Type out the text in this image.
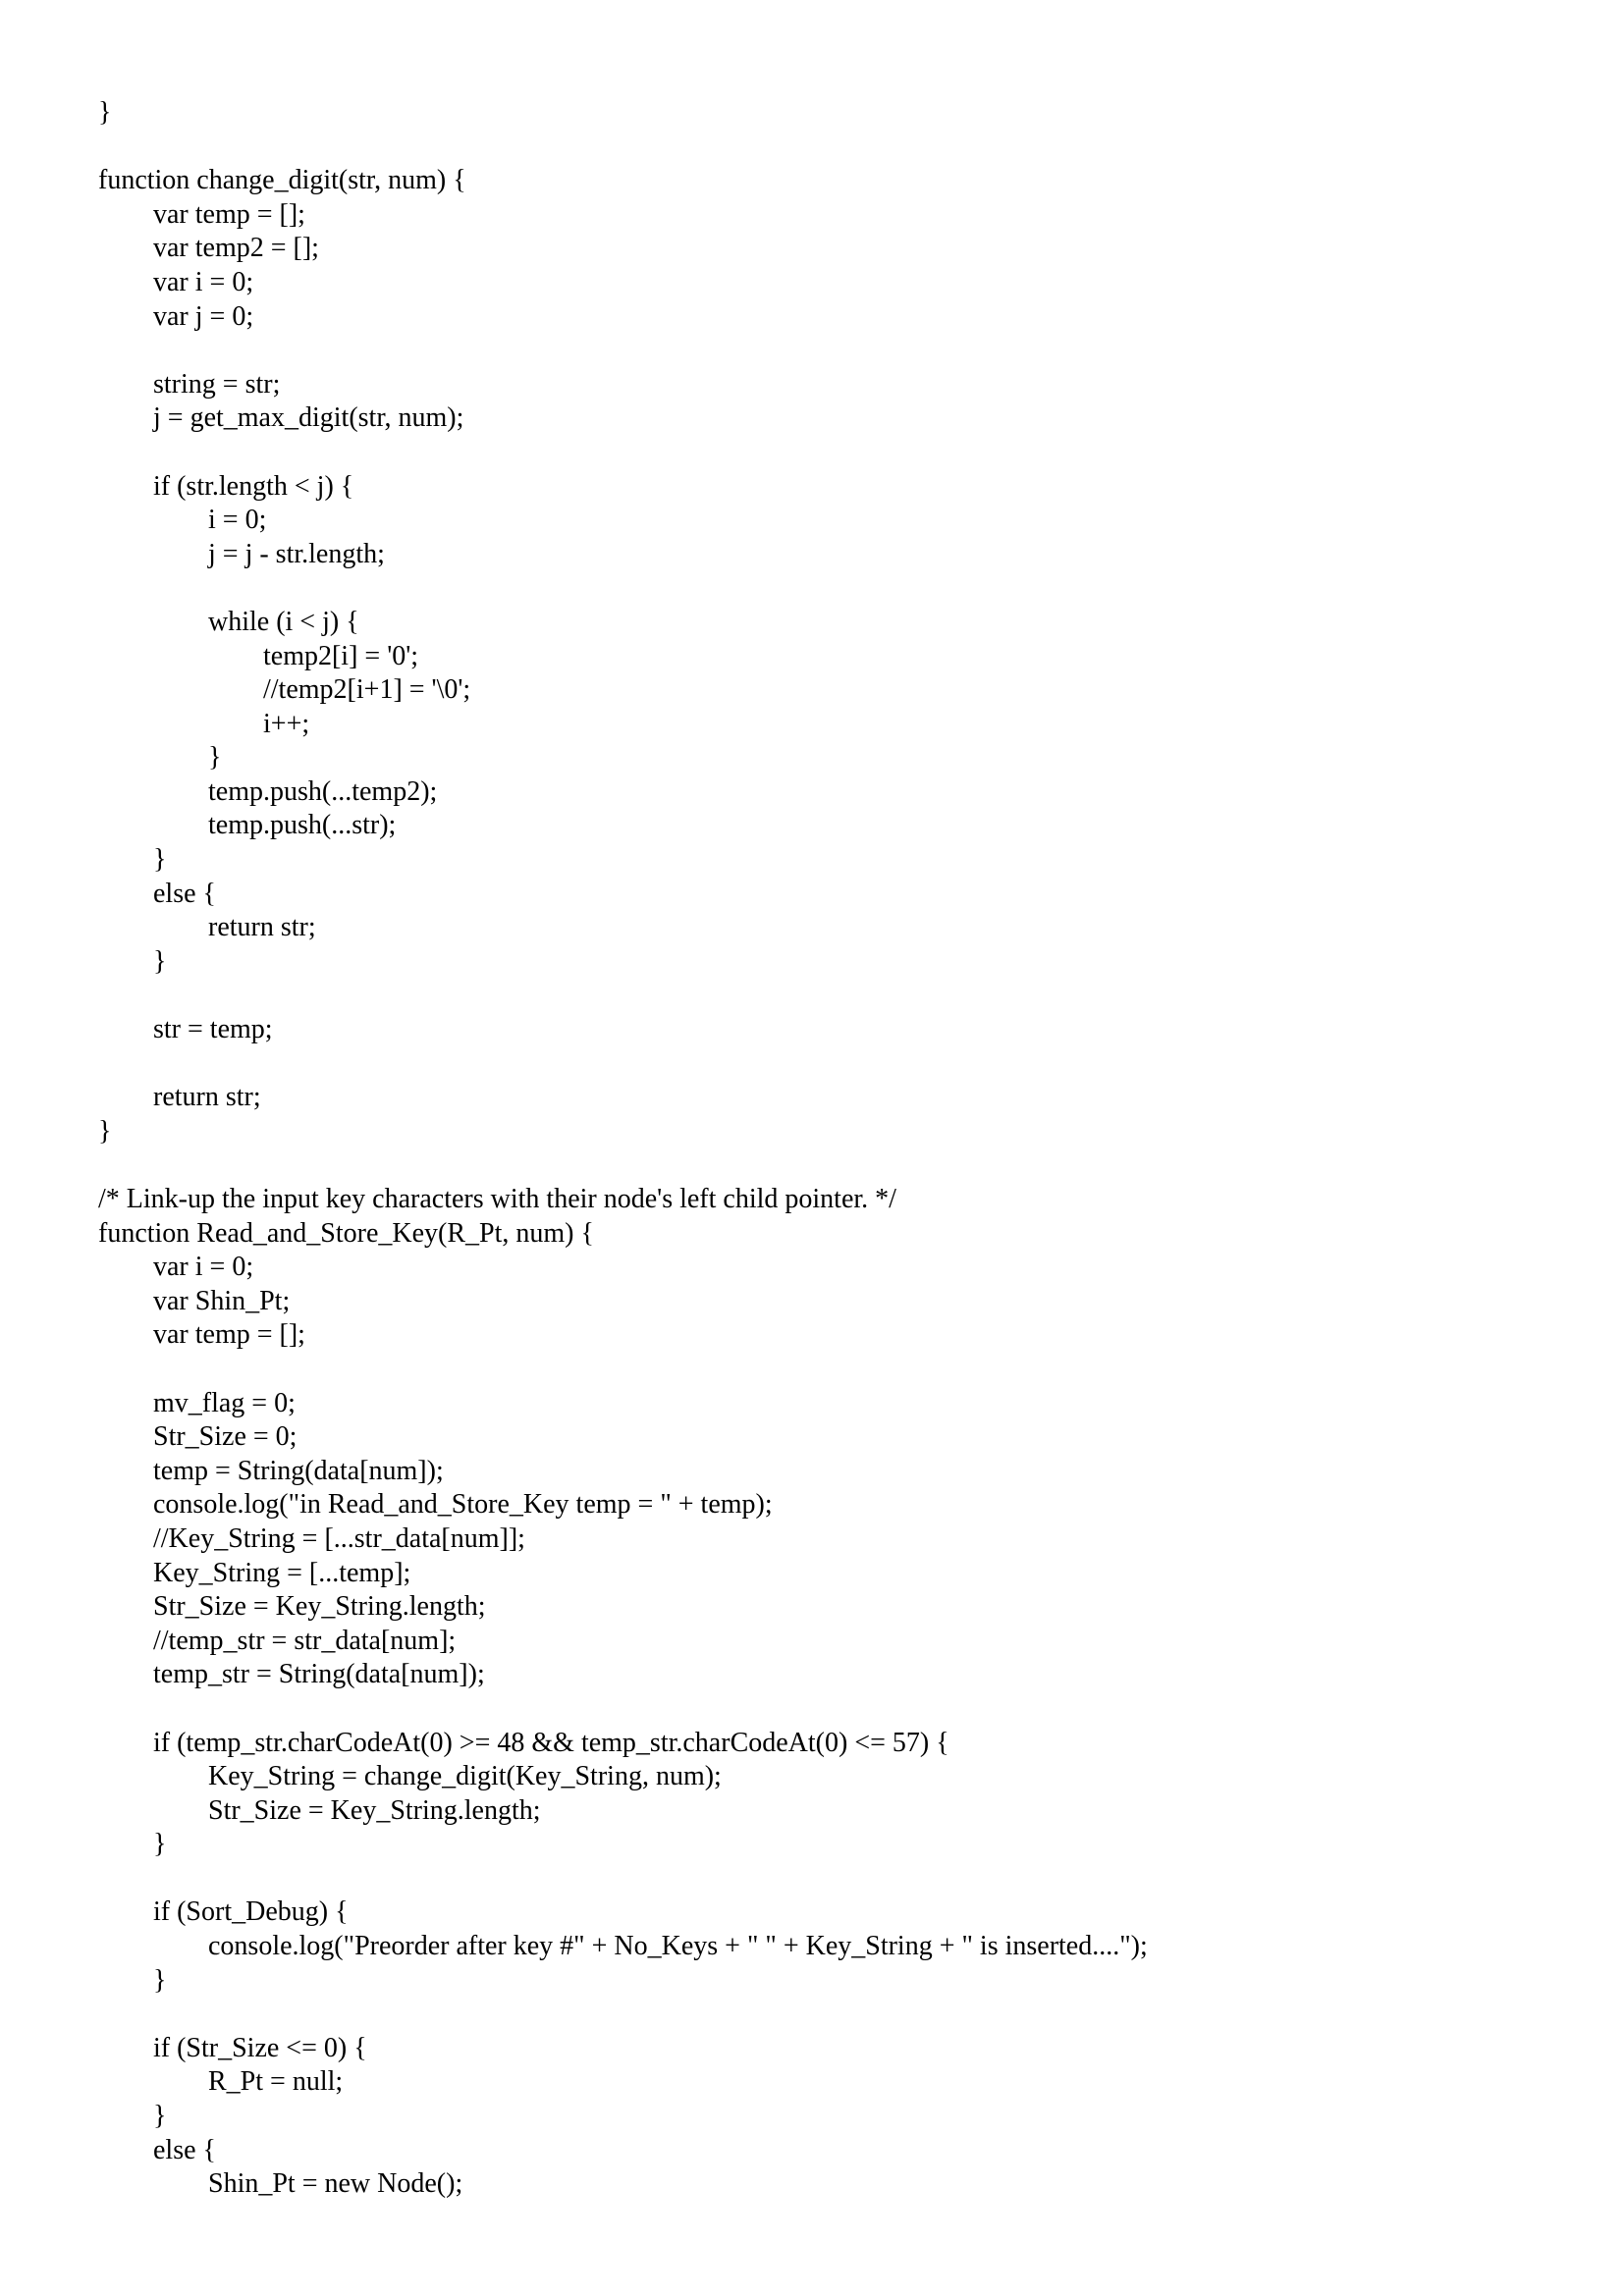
}
function change_digit(str, num) {
var temp = [];
var temp2 = [];
var i = 0;
var j = 0;
string = str;
j = get_max_digit(str, num);
if (str.length < j) {
i = 0;
j = j - str.length;
while (i < j) {
temp2[i] = '0';
//temp2[i+1] = '\0';
i++;
}
temp.push(...temp2);
temp.push(...str);
}
else {
return str;
}
str = temp;
return str;
}
/* Link-up the input key characters with their node's left child pointer. */
function Read_and_Store_Key(R_Pt, num) {
var i = 0;
var Shin_Pt;
var temp = [];
mv_flag = 0;
Str_Size = 0;
temp = String(data[num]);
console.log("in Read_and_Store_Key temp = " + temp);
//Key_String = [...str_data[num]];
Key_String = [...temp];
Str_Size = Key_String.length;
//temp_str = str_data[num];
temp_str = String(data[num]);
if (temp_str.charCodeAt(0) >= 48 && temp_str.charCodeAt(0) <= 57) {
Key_String = change_digit(Key_String, num);
Str_Size = Key_String.length;
}
if (Sort_Debug) {
console.log("Preorder after key #" + No_Keys + " " + Key_String + " is inserted....");
}
if (Str_Size <= 0) {
R_Pt = null;
}
else {
Shin_Pt = new Node();
